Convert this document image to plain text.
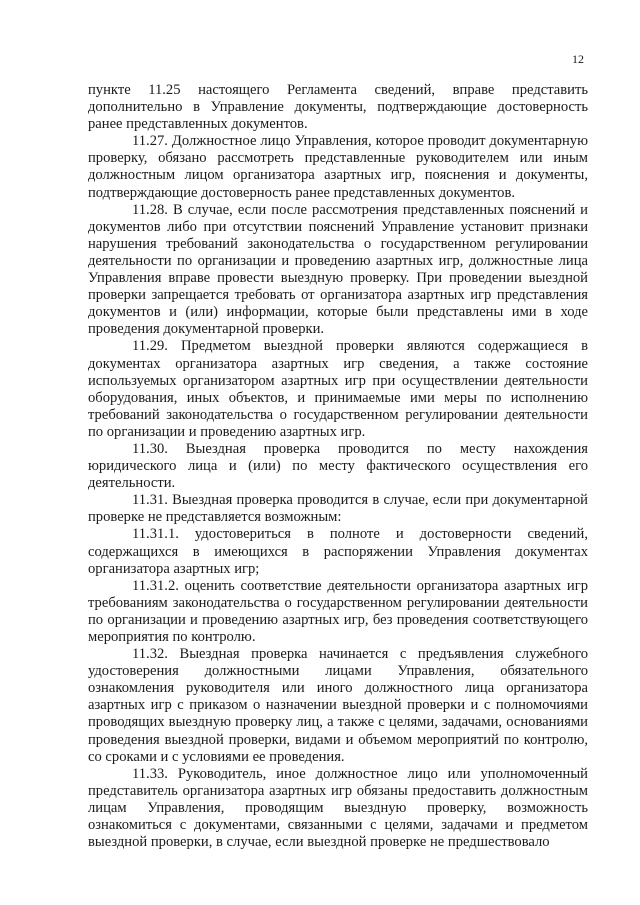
12

пункте 11.25 настоящего Регламента сведений, вправе представить дополнительно в Управление документы, подтверждающие достоверность ранее представленных документов.

11.27. Должностное лицо Управления, которое проводит документарную проверку, обязано рассмотреть представленные руководителем или иным должностным лицом организатора азартных игр, пояснения и документы, подтверждающие достоверность ранее представленных документов.

11.28. В случае, если после рассмотрения представленных пояснений и документов либо при отсутствии пояснений Управление установит признаки нарушения требований законодательства о государственном регулировании деятельности по организации и проведению азартных игр, должностные лица Управления вправе провести выездную проверку. При проведении выездной проверки запрещается требовать от организатора азартных игр представления документов и (или) информации, которые были представлены ими в ходе проведения документарной проверки.

11.29. Предметом выездной проверки являются содержащиеся в документах организатора азартных игр сведения, а также состояние используемых организатором азартных игр при осуществлении деятельности оборудования, иных объектов, и принимаемые ими меры по исполнению требований законодательства о государственном регулировании деятельности по организации и проведению азартных игр.

11.30. Выездная проверка проводится по месту нахождения юридического лица и (или) по месту фактического осуществления его деятельности.

11.31. Выездная проверка проводится в случае, если при документарной проверке не представляется возможным:

11.31.1. удостовериться в полноте и достоверности сведений, содержащихся в имеющихся в распоряжении Управления документах организатора азартных игр;

11.31.2. оценить соответствие деятельности организатора азартных игр требованиям законодательства о государственном регулировании деятельности по организации и проведению азартных игр, без проведения соответствующего мероприятия по контролю.

11.32. Выездная проверка начинается с предъявления служебного удостоверения должностными лицами Управления, обязательного ознакомления руководителя или иного должностного лица организатора азартных игр с приказом о назначении выездной проверки и с полномочиями проводящих выездную проверку лиц, а также с целями, задачами, основаниями проведения выездной проверки, видами и объемом мероприятий по контролю, со сроками и с условиями ее проведения.

11.33. Руководитель, иное должностное лицо или уполномоченный представитель организатора азартных игр обязаны предоставить должностным лицам Управления, проводящим выездную проверку, возможность ознакомиться с документами, связанными с целями, задачами и предметом выездной проверки, в случае, если выездной проверке не предшествовало
